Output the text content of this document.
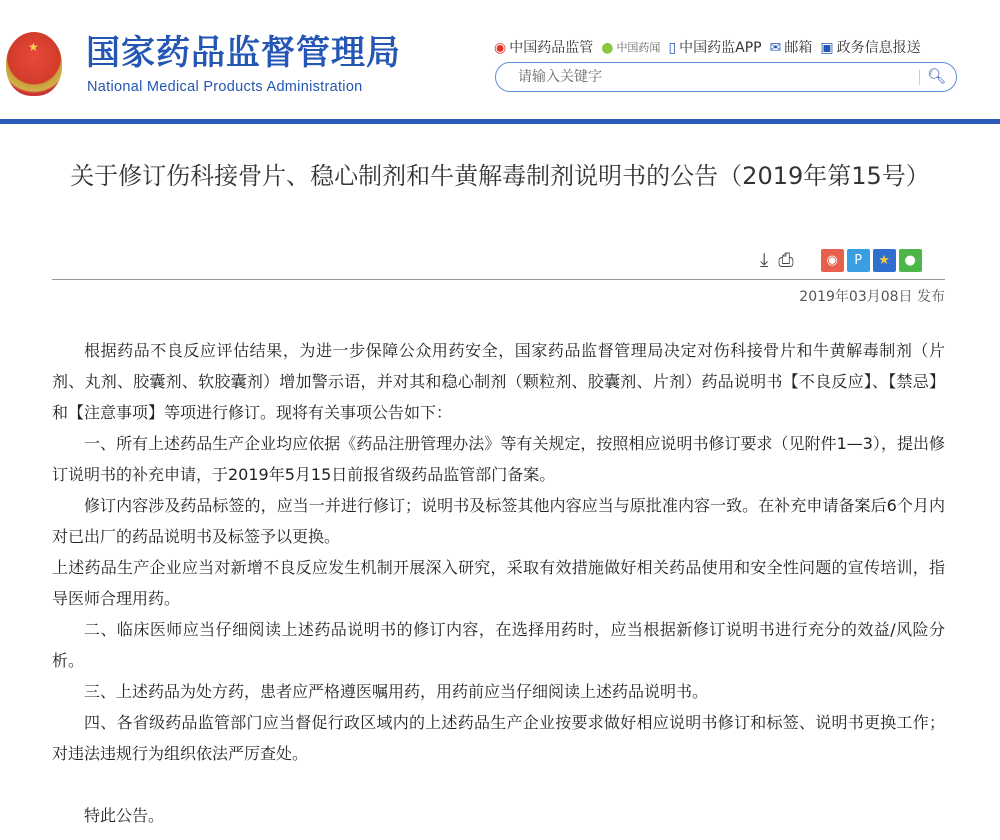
★ 国家药品监督管理局
National Medical Products Administration
◉ 中国药品监管 ● 中国药闻 ▯ 中国药监APP ✉ 邮箱 ▣ 政务信息报送
请输入关键字
🔍︎
关于修订伤科接骨片、稳心制剂和牛黄解毒制剂说明书的公告（2019年第15号）
⤓ ⎙	◉	P	★	●
2019年03月08日 发布

根据药品不良反应评估结果，为进一步保障公众用药安全，国家药品监督管理局决定对伤科接骨片和牛黄解毒制剂（片剂、丸剂、胶囊剂、软胶囊剂）增加警示语，并对其和稳心制剂（颗粒剂、胶囊剂、片剂）药品说明书【不良反应】、【禁忌】和【注意事项】等项进行修订。现将有关事项公告如下：

一、所有上述药品生产企业均应依据《药品注册管理办法》等有关规定，按照相应说明书修订要求（见附件1—3），提出修订说明书的补充申请，于2019年5月15日前报省级药品监管部门备案。

修订内容涉及药品标签的，应当一并进行修订；说明书及标签其他内容应当与原批准内容一致。在补充申请备案后6个月内对已出厂的药品说明书及标签予以更换。

上述药品生产企业应当对新增不良反应发生机制开展深入研究，采取有效措施做好相关药品使用和安全性问题的宣传培训，指导医师合理用药。

二、临床医师应当仔细阅读上述药品说明书的修订内容，在选择用药时，应当根据新修订说明书进行充分的效益/风险分析。

三、上述药品为处方药，患者应严格遵医嘱用药，用药前应当仔细阅读上述药品说明书。

四、各省级药品监管部门应当督促行政区域内的上述药品生产企业按要求做好相应说明书修订和标签、说明书更换工作；对违法违规行为组织依法严厉查处。

特此公告。
